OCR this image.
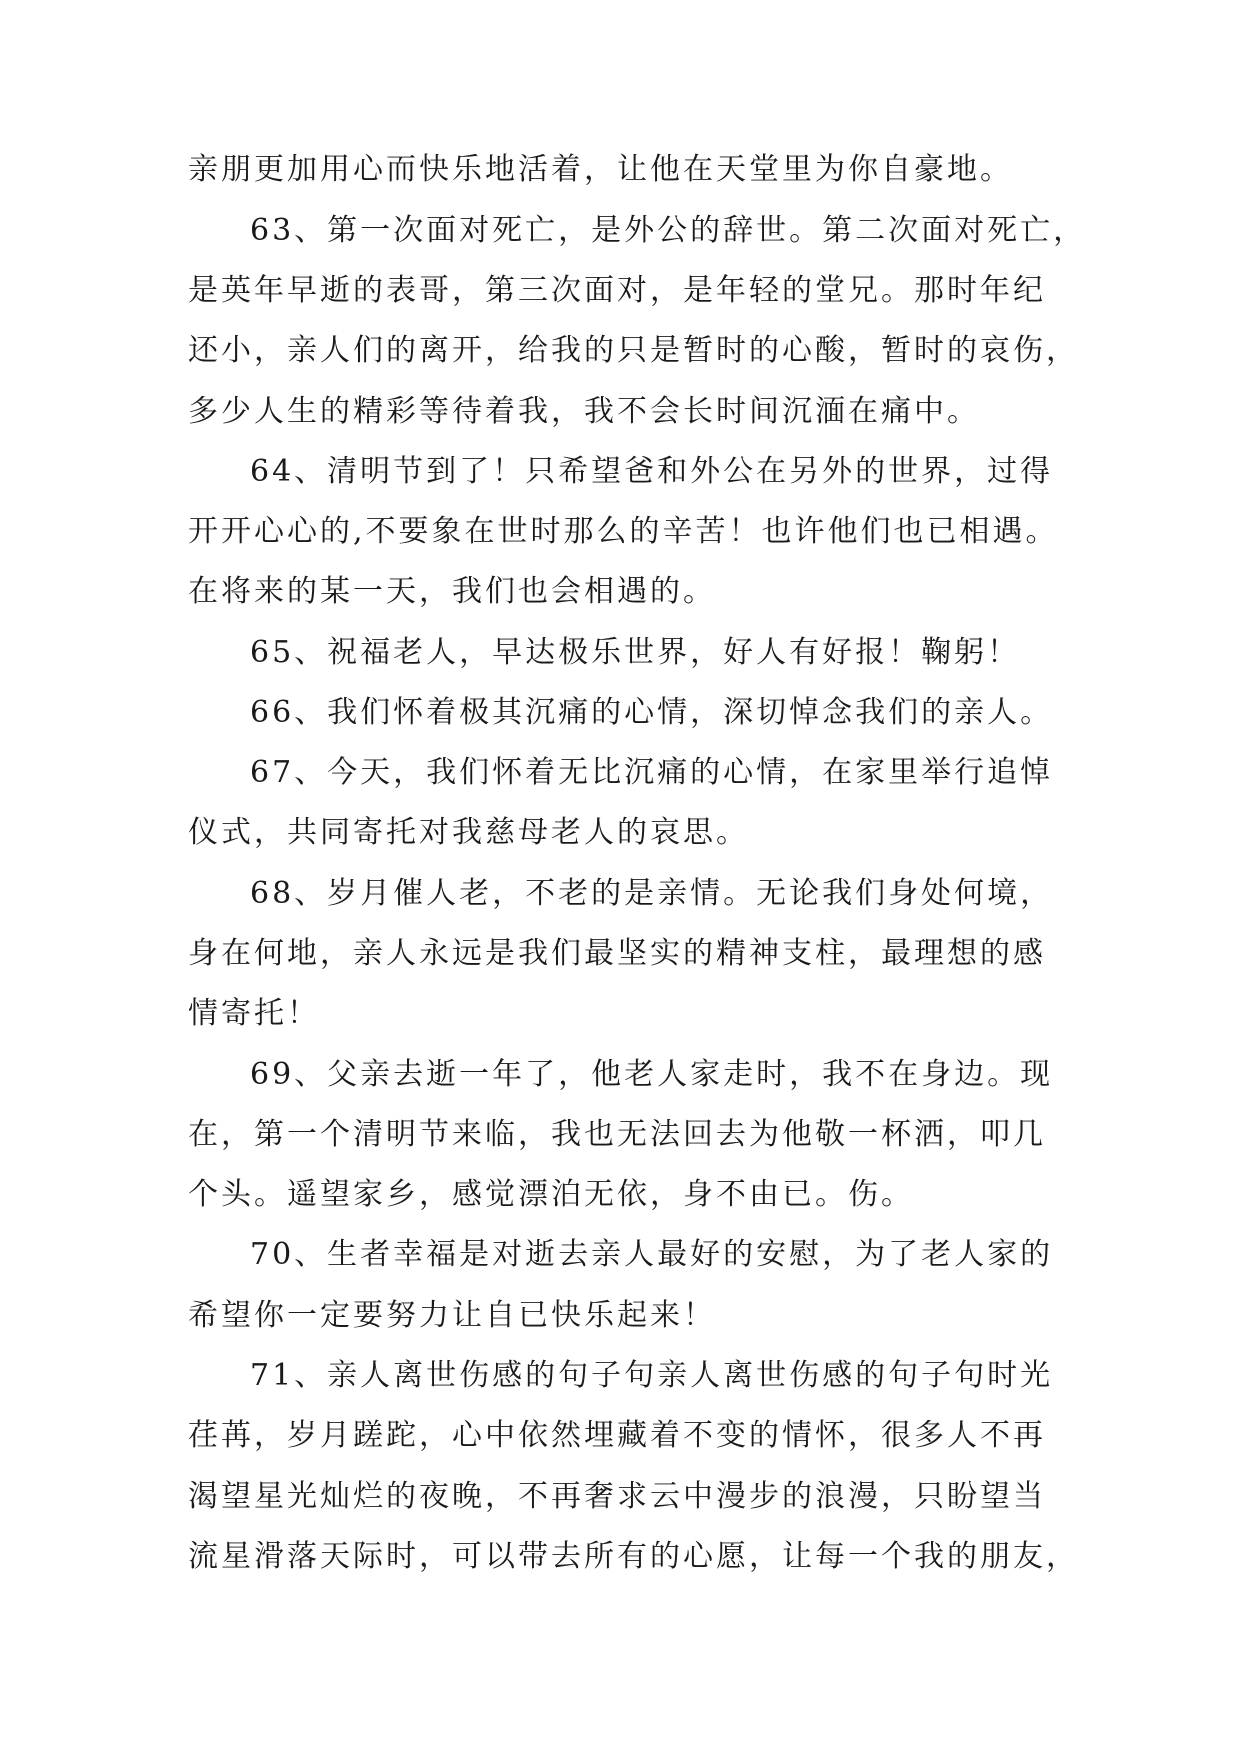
亲朋更加用心而快乐地活着，让他在天堂里为你自豪地。
63、第一次面对死亡，是外公的辞世。第二次面对死亡，
是英年早逝的表哥，第三次面对，是年轻的堂兄。那时年纪
还小，亲人们的离开，给我的只是暂时的心酸，暂时的哀伤，
多少人生的精彩等待着我，我不会长时间沉湎在痛中。
64、清明节到了！只希望爸和外公在另外的世界，过得
开开心心的,不要象在世时那么的辛苦！也许他们也已相遇。
在将来的某一天，我们也会相遇的。
65、祝福老人，早达极乐世界，好人有好报！鞠躬！
66、我们怀着极其沉痛的心情，深切悼念我们的亲人。
67、今天，我们怀着无比沉痛的心情，在家里举行追悼
仪式，共同寄托对我慈母老人的哀思。
68、岁月催人老，不老的是亲情。无论我们身处何境，
身在何地，亲人永远是我们最坚实的精神支柱，最理想的感
情寄托！
69、父亲去逝一年了，他老人家走时，我不在身边。现
在，第一个清明节来临，我也无法回去为他敬一杯洒，叩几
个头。遥望家乡，感觉漂泊无依，身不由已。伤。
70、生者幸福是对逝去亲人最好的安慰，为了老人家的
希望你一定要努力让自已快乐起来！
71、亲人离世伤感的句子句亲人离世伤感的句子句时光
荏苒，岁月蹉跎，心中依然埋藏着不变的情怀，很多人不再
渴望星光灿烂的夜晚，不再奢求云中漫步的浪漫，只盼望当
流星滑落天际时，可以带去所有的心愿，让每一个我的朋友，
